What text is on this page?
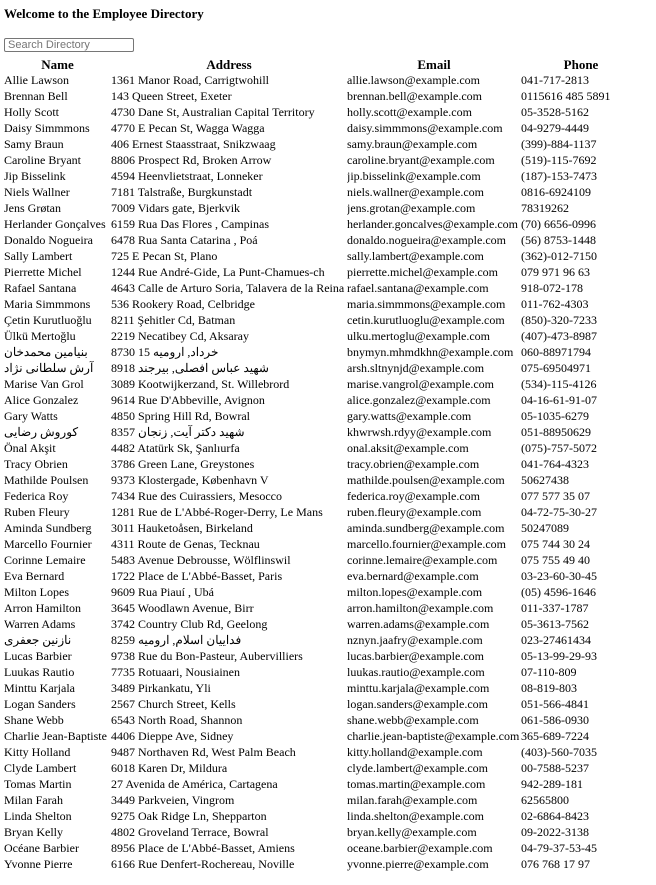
Welcome to the Employee Directory
Search Directory
Name	Address	Email	Phone
Allie Lawson	1361 Manor Road, Carrigtwohill	allie.lawson@example.com	041-717-2813
Brennan Bell	143 Queen Street, Exeter	brennan.bell@example.com	0115616 485 5891
Holly Scott	4730 Dane St, Australian Capital Territory	holly.scott@example.com	05-3528-5162
Daisy Simmmons	4770 E Pecan St, Wagga Wagga	daisy.simmmons@example.com	04-9279-4449
Samy Braun	406 Ernest Staasstraat, Snikzwaag	samy.braun@example.com	(399)-884-1137
Caroline Bryant	8806 Prospect Rd, Broken Arrow	caroline.bryant@example.com	(519)-115-7692
Jip Bisselink	4594 Heenvlietstraat, Lonneker	jip.bisselink@example.com	(187)-153-7473
Niels Wallner	7181 Talstraße, Burgkunstadt	niels.wallner@example.com	0816-6924109
Jens Grøtan	7009 Vidars gate, Bjerkvik	jens.grotan@example.com	78319262
Herlander Gonçalves	6159 Rua Das Flores , Campinas	herlander.goncalves@example.com	(70) 6656-0996
Donaldo Nogueira	6478 Rua Santa Catarina , Poá	donaldo.nogueira@example.com	(56) 8753-1448
Sally Lambert	725 E Pecan St, Plano	sally.lambert@example.com	(362)-012-7150
Pierrette Michel	1244 Rue André-Gide, La Punt-Chamues-ch	pierrette.michel@example.com	079 971 96 63
Rafael Santana	4643 Calle de Arturo Soria, Talavera de la Reina	rafael.santana@example.com	918-072-178
Maria Simmmons	536 Rookery Road, Celbridge	maria.simmmons@example.com	011-762-4303
Çetin Kurutluoğlu	8211 Şehitler Cd, Batman	cetin.kurutluoglu@example.com	(850)-320-7233
Ülkü Mertoğlu	2219 Necatibey Cd, Aksaray	ulku.mertoglu@example.com	(407)-473-8987
بنیامین محمدخان	8730 خرداد, ارومیه 15	bnymyn.mhmdkhn@example.com	060-88971794
آرش سلطانی نژاد	8918 شهید عباس افصلی, بیرجند	arsh.sltnynjd@example.com	075-69504971
Marise Van Grol	3089 Kootwijkerzand, St. Willebrord	marise.vangrol@example.com	(534)-115-4126
Alice Gonzalez	9614 Rue D'Abbeville, Avignon	alice.gonzalez@example.com	04-16-61-91-07
Gary Watts	4850 Spring Hill Rd, Bowral	gary.watts@example.com	05-1035-6279
کوروش رضایی	8357 شهید دکتر آیت, زنجان	khwrwsh.rdyy@example.com	051-88950629
Önal Akşit	4482 Atatürk Sk, Şanlıurfa	onal.aksit@example.com	(075)-757-5072
Tracy Obrien	3786 Green Lane, Greystones	tracy.obrien@example.com	041-764-4323
Mathilde Poulsen	9373 Klostergade, København V	mathilde.poulsen@example.com	50627438
Federica Roy	7434 Rue des Cuirassiers, Mesocco	federica.roy@example.com	077 577 35 07
Ruben Fleury	1281 Rue de L'Abbé-Roger-Derry, Le Mans	ruben.fleury@example.com	04-72-75-30-27
Aminda Sundberg	3011 Hauketoåsen, Birkeland	aminda.sundberg@example.com	50247089
Marcello Fournier	4311 Route de Genas, Tecknau	marcello.fournier@example.com	075 744 30 24
Corinne Lemaire	5483 Avenue Debrousse, Wölflinswil	corinne.lemaire@example.com	075 755 49 40
Eva Bernard	1722 Place de L'Abbé-Basset, Paris	eva.bernard@example.com	03-23-60-30-45
Milton Lopes	9609 Rua Piauí , Ubá	milton.lopes@example.com	(05) 4596-1646
Arron Hamilton	3645 Woodlawn Avenue, Birr	arron.hamilton@example.com	011-337-1787
Warren Adams	3742 Country Club Rd, Geelong	warren.adams@example.com	05-3613-7562
نازنین جعفری	8259 فداییان اسلام, ارومیه	nznyn.jaafry@example.com	023-27461434
Lucas Barbier	9738 Rue du Bon-Pasteur, Aubervilliers	lucas.barbier@example.com	05-13-99-29-93
Luukas Rautio	7735 Rotuaari, Nousiainen	luukas.rautio@example.com	07-110-809
Minttu Karjala	3489 Pirkankatu, Yli	minttu.karjala@example.com	08-819-803
Logan Sanders	2567 Church Street, Kells	logan.sanders@example.com	051-566-4841
Shane Webb	6543 North Road, Shannon	shane.webb@example.com	061-586-0930
Charlie Jean-Baptiste	4406 Dieppe Ave, Sidney	charlie.jean-baptiste@example.com	365-689-7224
Kitty Holland	9487 Northaven Rd, West Palm Beach	kitty.holland@example.com	(403)-560-7035
Clyde Lambert	6018 Karen Dr, Mildura	clyde.lambert@example.com	00-7588-5237
Tomas Martin	27 Avenida de América, Cartagena	tomas.martin@example.com	942-289-181
Milan Farah	3449 Parkveien, Vingrom	milan.farah@example.com	62565800
Linda Shelton	9275 Oak Ridge Ln, Shepparton	linda.shelton@example.com	02-6864-8423
Bryan Kelly	4802 Groveland Terrace, Bowral	bryan.kelly@example.com	09-2022-3138
Océane Barbier	8956 Place de L'Abbé-Basset, Amiens	oceane.barbier@example.com	04-79-37-53-45
Yvonne Pierre	6166 Rue Denfert-Rochereau, Noville	yvonne.pierre@example.com	076 768 17 97
